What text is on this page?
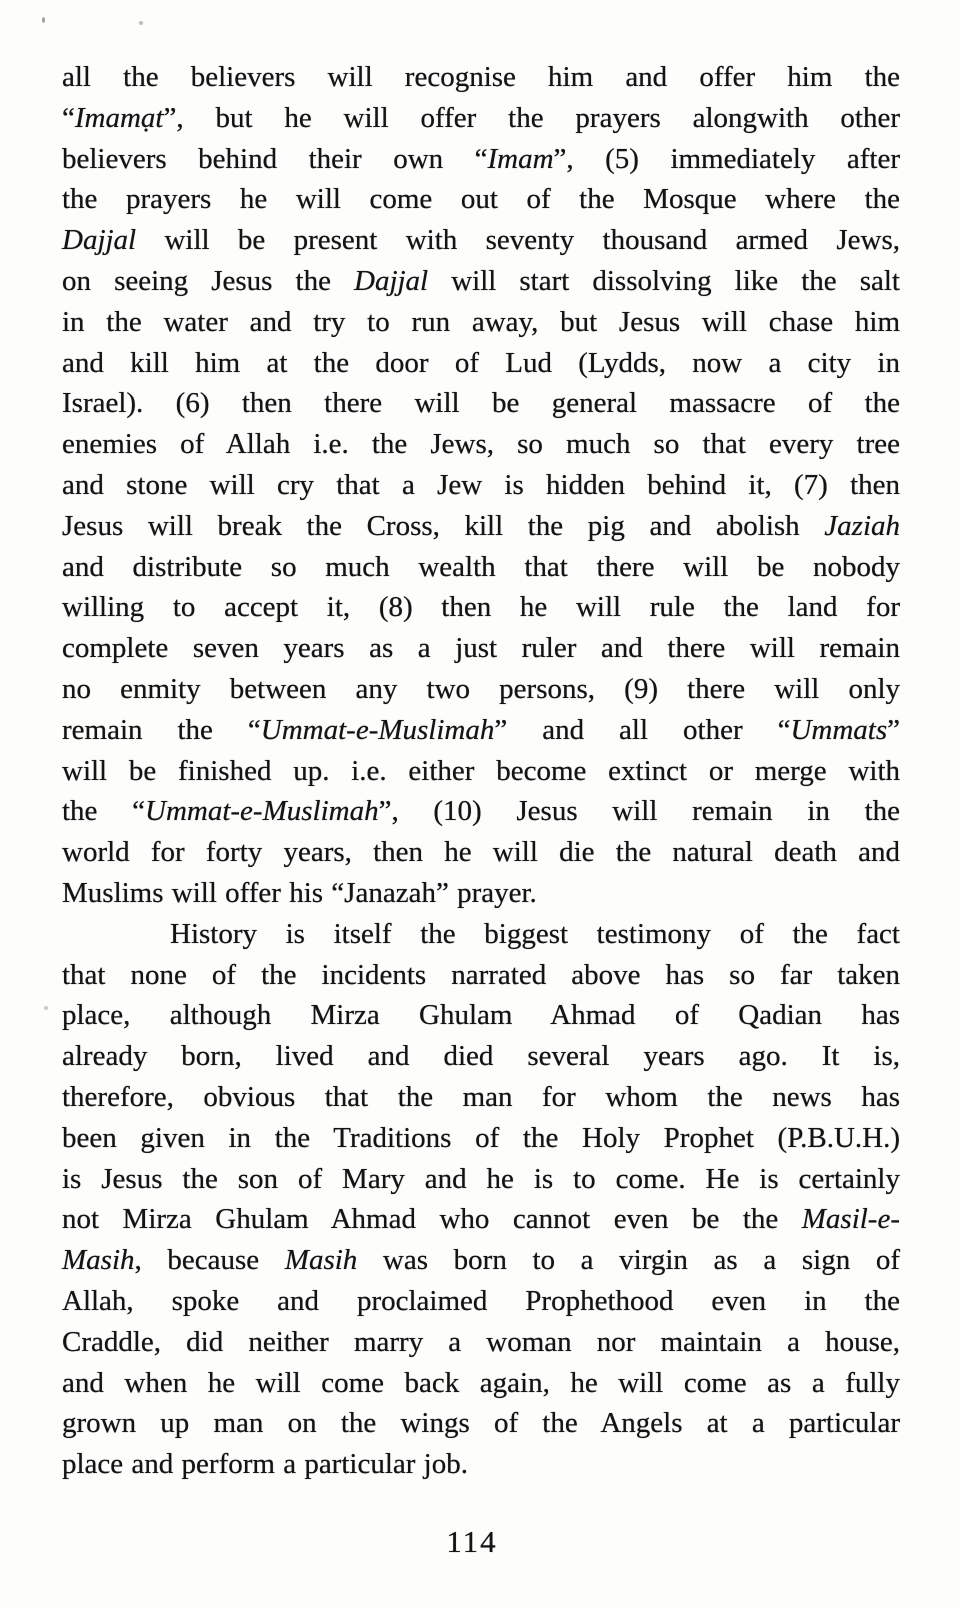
all the believers will recognise him and offer him the
“Imamạt”, but he will offer the prayers alongwith other
believers behind their own “Imam”, (5) immediately after
the prayers he will come out of the Mosque where the
Dajjal will be present with seventy thousand armed Jews,
on seeing Jesus the Dajjal will start dissolving like the salt
in the water and try to run away, but Jesus will chase him
and kill him at the door of Lud (Lydds, now a city in
Israel). (6) then there will be general massacre of the
enemies of Allah i.e. the Jews, so much so that every tree
and stone will cry that a Jew is hidden behind it, (7) then
Jesus will break the Cross, kill the pig and abolish Jaziah
and distribute so much wealth that there will be nobody
willing to accept it, (8) then he will rule the land for
complete seven years as a just ruler and there will remain
no enmity between any two persons, (9) there will only
remain the “Ummat-e-Muslimah” and all other “Ummats”
will be finished up. i.e. either become extinct or merge with
the “Ummat-e-Muslimah”, (10) Jesus will remain in the
world for forty years, then he will die the natural death and
Muslims will offer his “Janazah” prayer.
History is itself the biggest testimony of the fact
that none of the incidents narrated above has so far taken
place, although Mirza Ghulam Ahmad of Qadian has
already born, lived and died several years ago. It is,
therefore, obvious that the man for whom the news has
been given in the Traditions of the Holy Prophet (P.B.U.H.)
is Jesus the son of Mary and he is to come. He is certainly
not Mirza Ghulam Ahmad who cannot even be the Masil-e-
Masih, because Masih was born to a virgin as a sign of
Allah, spoke and proclaimed Prophethood even in the
Craddle, did neither marry a woman nor maintain a house,
and when he will come back again, he will come as a fully
grown up man on the wings of the Angels at a particular
place and perform a particular job.
114
